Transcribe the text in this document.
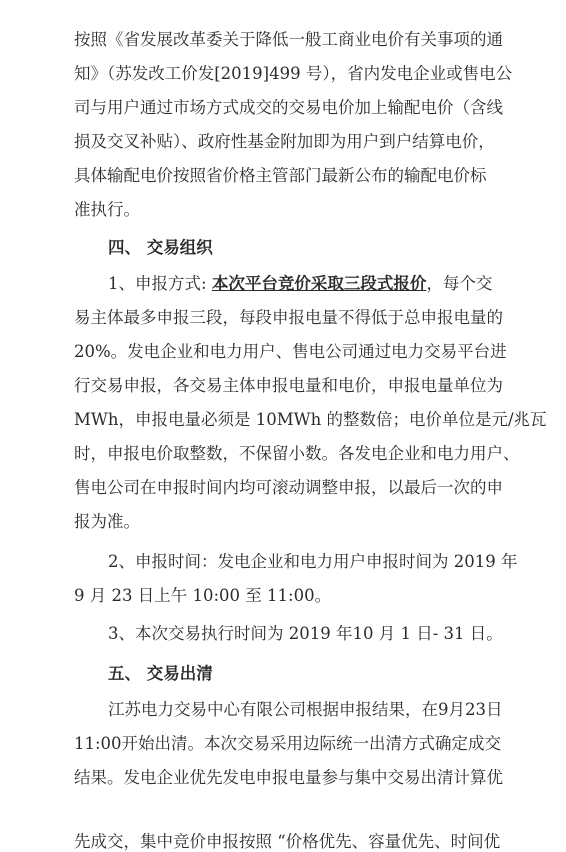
按照《省发展改革委关于降低一般工商业电价有关事项的通
知》（苏发改工价发[2019]499 号），省内发电企业或售电公
司与用户通过市场方式成交的交易电价加上输配电价（含线
损及交叉补贴）、政府性基金附加即为用户到户结算电价，
具体输配电价按照省价格主管部门最新公布的输配电价标
准执行。
四、 交易组织
1、申报方式: 本次平台竞价采取三段式报价，每个交
易主体最多申报三段，每段申报电量不得低于总申报电量的
20%。发电企业和电力用户、售电公司通过电力交易平台进
行交易申报，各交易主体申报电量和电价，申报电量单位为
MWh，申报电量必须是 10MWh 的整数倍；电价单位是元/兆瓦
时，申报电价取整数，不保留小数。各发电企业和电力用户、
售电公司在申报时间内均可滚动调整申报，以最后一次的申
报为准。
2、申报时间：发电企业和电力用户申报时间为 2019 年
9 月 23 日上午 10:00 至 11:00。
3、本次交易执行时间为 2019 年10 月 1 日- 31 日。
五、 交易出清
江苏电力交易中心有限公司根据申报结果，在9月23日
11:00开始出清。本次交易采用边际统一出清方式确定成交
结果。发电企业优先发电申报电量参与集中交易出清计算优
先成交，集中竞价申报按照 “价格优先、容量优先、时间优
